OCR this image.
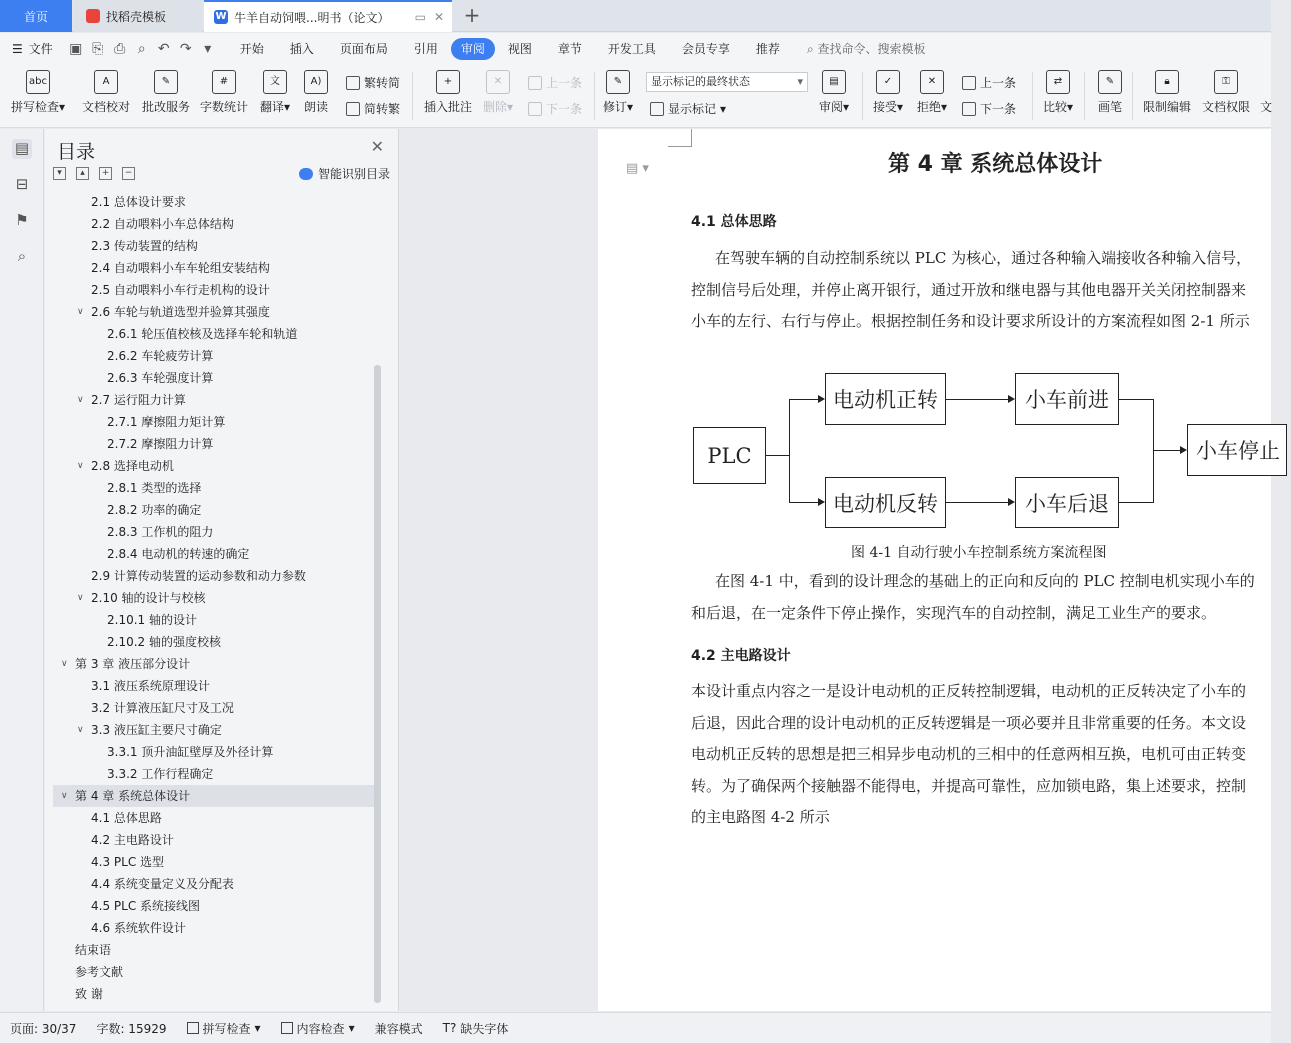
首页	找稻壳模板	W 牛羊自动饲喂...明书（论文） ▭ ✕ +
☰ 文件	▣ ⎘ ⎙ ⌕ ↶ ↷ ▾	开始	插入	页面布局	引用	审阅	视图	章节	开发工具	会员专享	推荐	⌕ 查找命令、搜索模板
abc
拼写检查▾
A
文档校对
✎
批改服务
#
字数统计
文
翻译▾
A)
朗读
繁转简
简转繁
+
插入批注
✕
删除▾
上一条
下一条
✎
修订▾
显示标记的最终状态 ▾
显示标记 ▾
▤
审阅▾
✓
接受▾
✕
拒绝▾
上一条
下一条
⇄
比较▾
✎
画笔
🔒︎
限制编辑
⚿
文档权限 文
▤
⊟
⚑
⌕
目录	✕
▾	▴	+	−	智能识别目录
2.1 总体设计要求
2.2 自动喂料小车总体结构
2.3 传动装置的结构
2.4 自动喂料小车车轮组安装结构
2.5 自动喂料小车行走机构的设计
∨ 2.6 车轮与轨道选型并验算其强度
2.6.1 轮压值校核及选择车轮和轨道
2.6.2 车轮疲劳计算
2.6.3 车轮强度计算
∨ 2.7 运行阻力计算
2.7.1 摩擦阻力矩计算
2.7.2 摩擦阻力计算
∨ 2.8 选择电动机
2.8.1 类型的选择
2.8.2 功率的确定
2.8.3 工作机的阻力
2.8.4 电动机的转速的确定
2.9 计算传动装置的运动参数和动力参数
∨ 2.10 轴的设计与校核
2.10.1 轴的设计
2.10.2 轴的强度校核
∨ 第 3 章 液压部分设计
3.1 液压系统原理设计
3.2 计算液压缸尺寸及工况
∨ 3.3 液压缸主要尺寸确定
3.3.1 顶升油缸壁厚及外径计算
3.3.2 工作行程确定
∨ 第 4 章 系统总体设计
4.1 总体思路
4.2 主电路设计
4.3 PLC 选型
4.4 系统变量定义及分配表
4.5 PLC 系统接线图
4.6 系统软件设计
结束语
参考文献
致 谢
▤ ▾	第 4 章 系统总体设计
4.1 总体思路
在驾驶车辆的自动控制系统以 PLC 为核心，通过各种输入端接收各种输入信号，
控制信号后处理，并停止离开银行，通过开放和继电器与其他电器开关关闭控制器来
小车的左行、右行与停止。根据控制任务和设计要求所设计的方案流程如图 2-1 所示
PLC
电动机正转
电动机反转
小车前进
小车后退
小车停止
图 4-1 自动行驶小车控制系统方案流程图
在图 4-1 中，看到的设计理念的基础上的正向和反向的 PLC 控制电机实现小车的
和后退，在一定条件下停止操作，实现汽车的自动控制，满足工业生产的要求。
4.2 主电路设计
本设计重点内容之一是设计电动机的正反转控制逻辑，电动机的正反转决定了小车的
后退，因此合理的设计电动机的正反转逻辑是一项必要并且非常重要的任务。本文设
电动机正反转的思想是把三相异步电动机的三相中的任意两相互换，电机可由正转变
转。为了确保两个接触器不能得电，并提高可靠性，应加锁电路，集上述要求，控制
的主电路图 4-2 所示
页面: 30/37 字数: 15929	拼写检查 ▾	内容检查 ▾	兼容模式 T? 缺失字体
